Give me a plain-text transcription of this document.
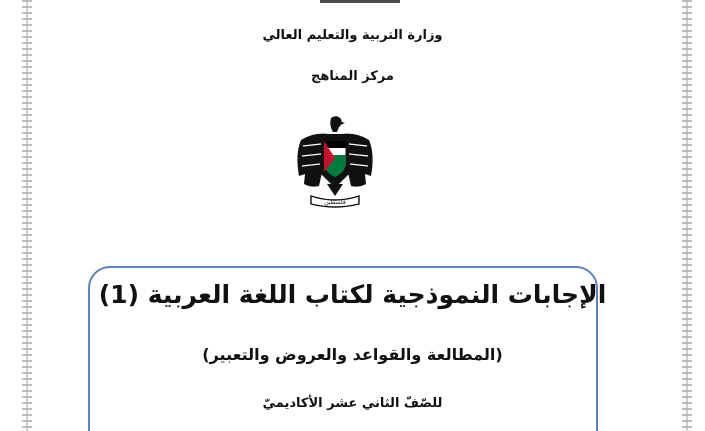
وزارة التربية والتعليم العالي
مركز المناهج
فلسطين
الإجابات النموذجية لكتاب اللغة العربية (1)
(المطالعة والقواعد والعروض والتعبير)
للصّفّ الثاني عشر الأكاديميّ
